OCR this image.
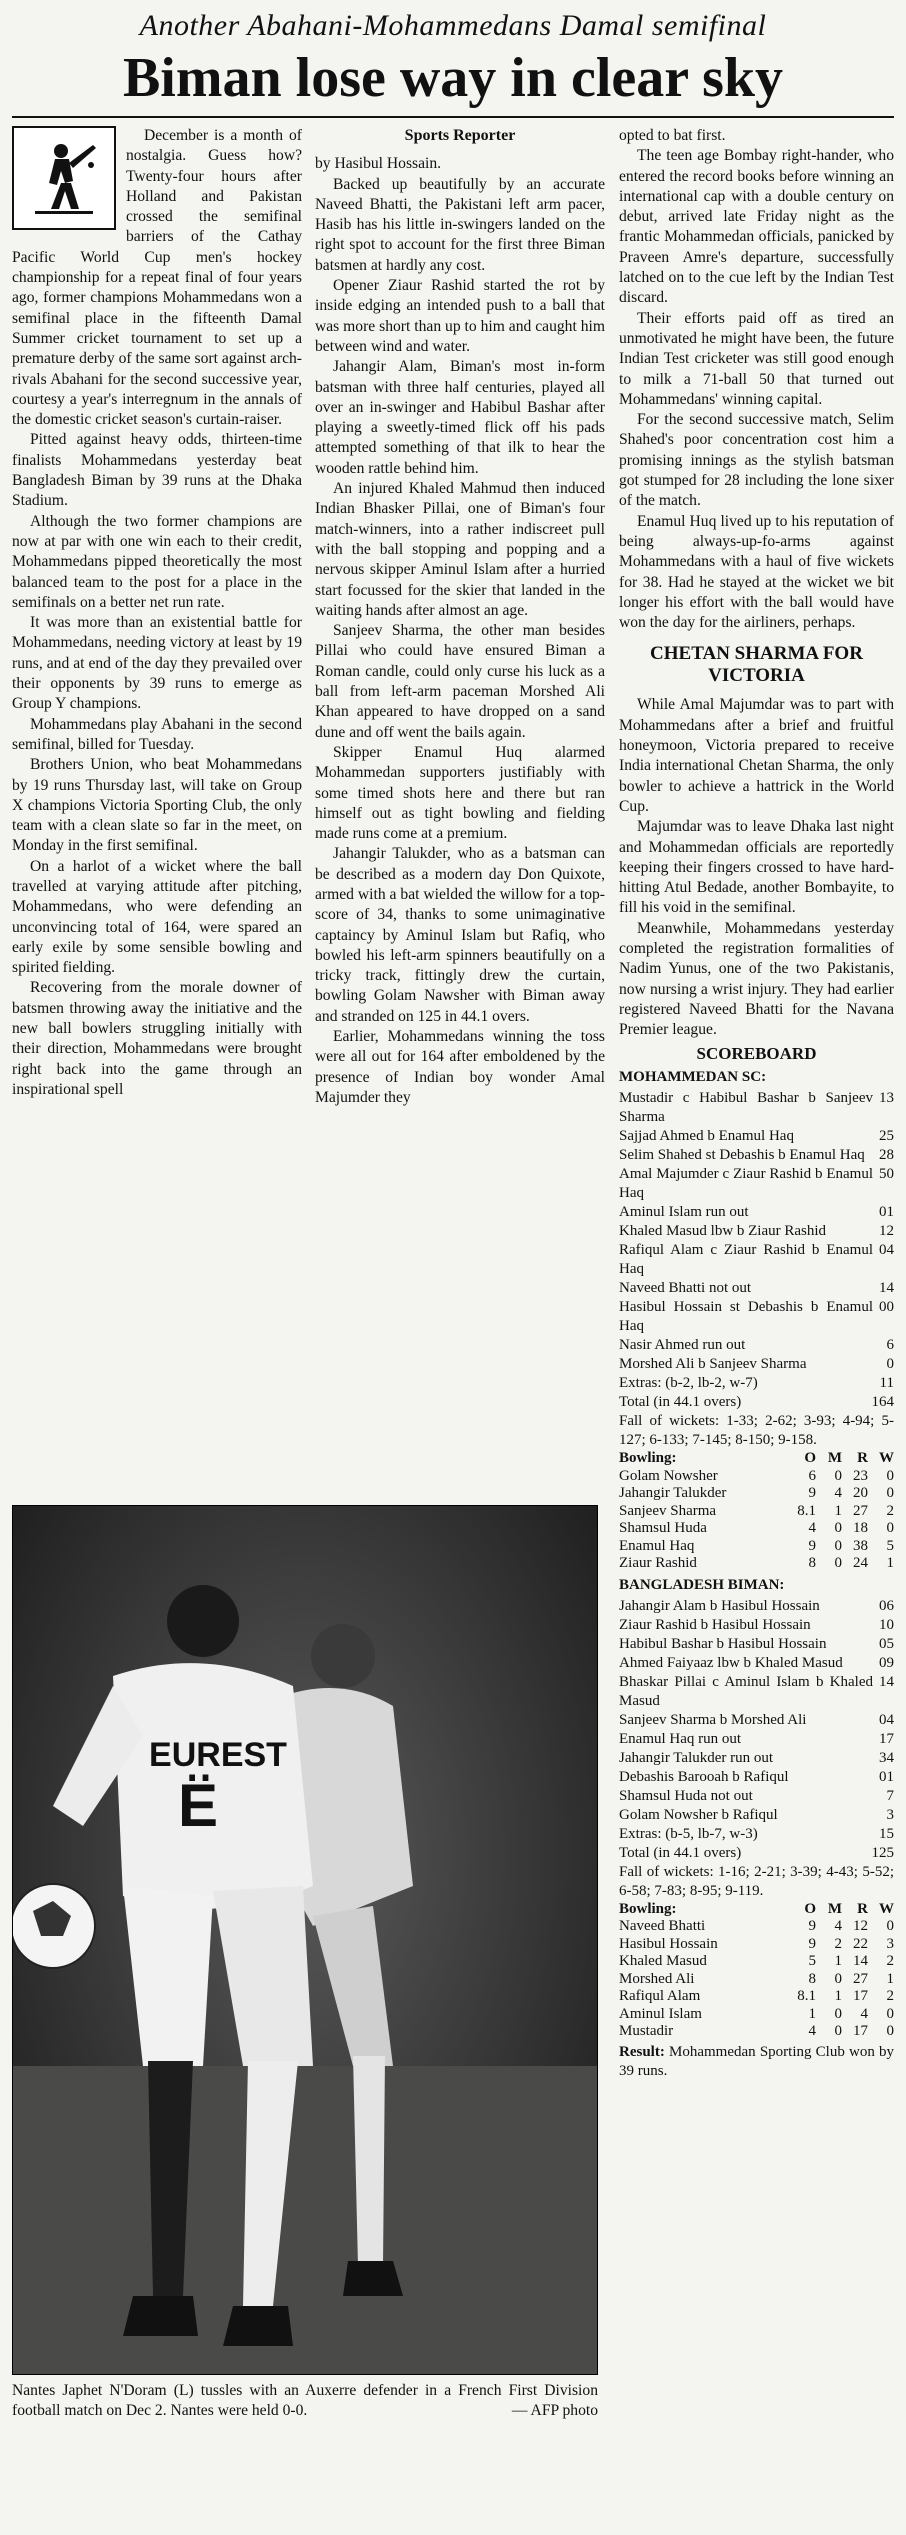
Another Abahani-Mohammedans Damal semifinal
Biman lose way in clear sky

December is a month of nostalgia. Guess how? Twenty-four hours after Holland and Pakistan crossed the semifinal barriers of the Cathay Pacific World Cup men's hockey championship for a repeat final of four years ago, former champions Mohammedans won a semifinal place in the fifteenth Damal Summer cricket tournament to set up a premature derby of the same sort against arch-rivals Abahani for the second successive year, courtesy a year's interregnum in the annals of the domestic cricket season's curtain-raiser.

Pitted against heavy odds, thirteen-time finalists Mohammedans yesterday beat Bangladesh Biman by 39 runs at the Dhaka Stadium.

Although the two former champions are now at par with one win each to their credit, Mohammedans pipped theoretically the most balanced team to the post for a place in the semifinals on a better net run rate.

It was more than an existential battle for Mohammedans, needing victory at least by 19 runs, and at end of the day they prevailed over their opponents by 39 runs to emerge as Group Y champions.

Mohammedans play Abahani in the second semifinal, billed for Tuesday.

Brothers Union, who beat Mohammedans by 19 runs Thursday last, will take on Group X champions Victoria Sporting Club, the only team with a clean slate so far in the meet, on Monday in the first semifinal.

On a harlot of a wicket where the ball travelled at varying attitude after pitching, Mohammedans, who were defending an unconvincing total of 164, were spared an early exile by some sensible bowling and spirited fielding.

Recovering from the morale downer of batsmen throwing away the initiative and the new ball bowlers struggling initially with their direction, Mohammedans were brought right back into the game through an inspirational spell

Sports Reporter

by Hasibul Hossain.

Backed up beautifully by an accurate Naveed Bhatti, the Pakistani left arm pacer, Hasib has his little in-swingers landed on the right spot to account for the first three Biman batsmen at hardly any cost.

Opener Ziaur Rashid started the rot by inside edging an intended push to a ball that was more short than up to him and caught him between wind and water.

Jahangir Alam, Biman's most in-form batsman with three half centuries, played all over an in-swinger and Habibul Bashar after playing a sweetly-timed flick off his pads attempted something of that ilk to hear the wooden rattle behind him.

An injured Khaled Mahmud then induced Indian Bhasker Pillai, one of Biman's four match-winners, into a rather indiscreet pull with the ball stopping and popping and a nervous skipper Aminul Islam after a hurried start focussed for the skier that landed in the waiting hands after almost an age.

Sanjeev Sharma, the other man besides Pillai who could have ensured Biman a Roman candle, could only curse his luck as a ball from left-arm paceman Morshed Ali Khan appeared to have dropped on a sand dune and off went the bails again.

Skipper Enamul Huq alarmed Mohammedan supporters justifiably with some timed shots here and there but ran himself out as tight bowling and fielding made runs come at a premium.

Jahangir Talukder, who as a batsman can be described as a modern day Don Quixote, armed with a bat wielded the willow for a top-score of 34, thanks to some unimaginative captaincy by Aminul Islam but Rafiq, who bowled his left-arm spinners beautifully on a tricky track, fittingly drew the curtain, bowling Golam Nawsher with Biman away and stranded on 125 in 44.1 overs.

Earlier, Mohammedans winning the toss were all out for 164 after emboldened by the presence of Indian boy wonder Amal Majumder they

opted to bat first.

The teen age Bombay right-hander, who entered the record books before winning an international cap with a double century on debut, arrived late Friday night as the frantic Mohammedan officials, panicked by Praveen Amre's departure, successfully latched on to the cue left by the Indian Test discard.

Their efforts paid off as tired an unmotivated he might have been, the future Indian Test cricketer was still good enough to milk a 71-ball 50 that turned out Mohammedans' winning capital.

For the second successive match, Selim Shahed's poor concentration cost him a promising innings as the stylish batsman got stumped for 28 including the lone sixer of the match.

Enamul Huq lived up to his reputation of being always-up-fo-arms against Mohammedans with a haul of five wickets for 38. Had he stayed at the wicket we bit longer his effort with the ball would have won the day for the airliners, perhaps.

CHETAN SHARMA FOR VICTORIA

While Amal Majumdar was to part with Mohammedans after a brief and fruitful honeymoon, Victoria prepared to receive India international Chetan Sharma, the only bowler to achieve a hattrick in the World Cup.

Majumdar was to leave Dhaka last night and Mohammedan officials are reportedly keeping their fingers crossed to have hard-hitting Atul Bedade, another Bombayite, to fill his void in the semifinal.

Meanwhile, Mohammedans yesterday completed the registration formalities of Nadim Yunus, one of the two Pakistanis, now nursing a wrist injury. They had earlier registered Naveed Bhatti for the Navana Premier league.

SCOREBOARD
MOHAMMEDAN SC:
Mustadir c Habibul Bashar b Sanjeev Sharma
13
Sajjad Ahmed b Enamul Haq	25
Selim Shahed st Debashis b Enamul Haq 28
Amal Majumder c Ziaur Rashid b Enamul Haq
50
Aminul Islam run out	01
Khaled Masud lbw b Ziaur Rashid	12
Rafiqul Alam c Ziaur Rashid b Enamul Haq
04
Naveed Bhatti not out	14
Hasibul Hossain st Debashis b Enamul Haq
00
Nasir Ahmed run out	6
Morshed Ali b Sanjeev Sharma	0
Extras: (b-2, lb-2, w-7)	11
Total (in 44.1 overs)	164
Fall of wickets: 1-33; 2-62; 3-93; 4-94; 5-127; 6-133; 7-145; 8-150; 9-158.
Bowling:	O	M	R	W
Golam Nowsher	6	0	23	0
Jahangir Talukder	9	4	20	0
Sanjeev Sharma	8.1	1	27	2
Shamsul Huda	4	0	18	0
Enamul Haq	9	0	38	5
Ziaur Rashid	8	0	24	1
BANGLADESH BIMAN:
Jahangir Alam b Hasibul Hossain	06
Ziaur Rashid b Hasibul Hossain	10
Habibul Bashar b Hasibul Hossain	05
Ahmed Faiyaaz lbw b Khaled Masud 09
Bhaskar Pillai c Aminul Islam b Khaled Masud
14
Sanjeev Sharma b Morshed Ali	04
Enamul Haq run out	17
Jahangir Talukder run out	34
Debashis Barooah b Rafiqul	01
Shamsul Huda not out	7
Golam Nowsher b Rafiqul	3
Extras: (b-5, lb-7, w-3)	15
Total (in 44.1 overs)	125
Fall of wickets: 1-16; 2-21; 3-39; 4-43; 5-52; 6-58; 7-83; 8-95; 9-119.
Bowling:	O	M	R	W
Naveed Bhatti	9	4	12	0
Hasibul Hossain	9	2	22	3
Khaled Masud	5	1	14	2
Morshed Ali	8	0	27	1
Rafiqul Alam	8.1	1	17	2
Aminul Islam	1	0	4	0
Mustadir	4	0	17	0
Result: Mohammedan Sporting Club won by 39 runs.
EUREST
Ë
Nantes Japhet N'Doram (L) tussles with an Auxerre defender in a French First Division football match on Dec 2. Nantes were held 0-0.	— AFP photo
